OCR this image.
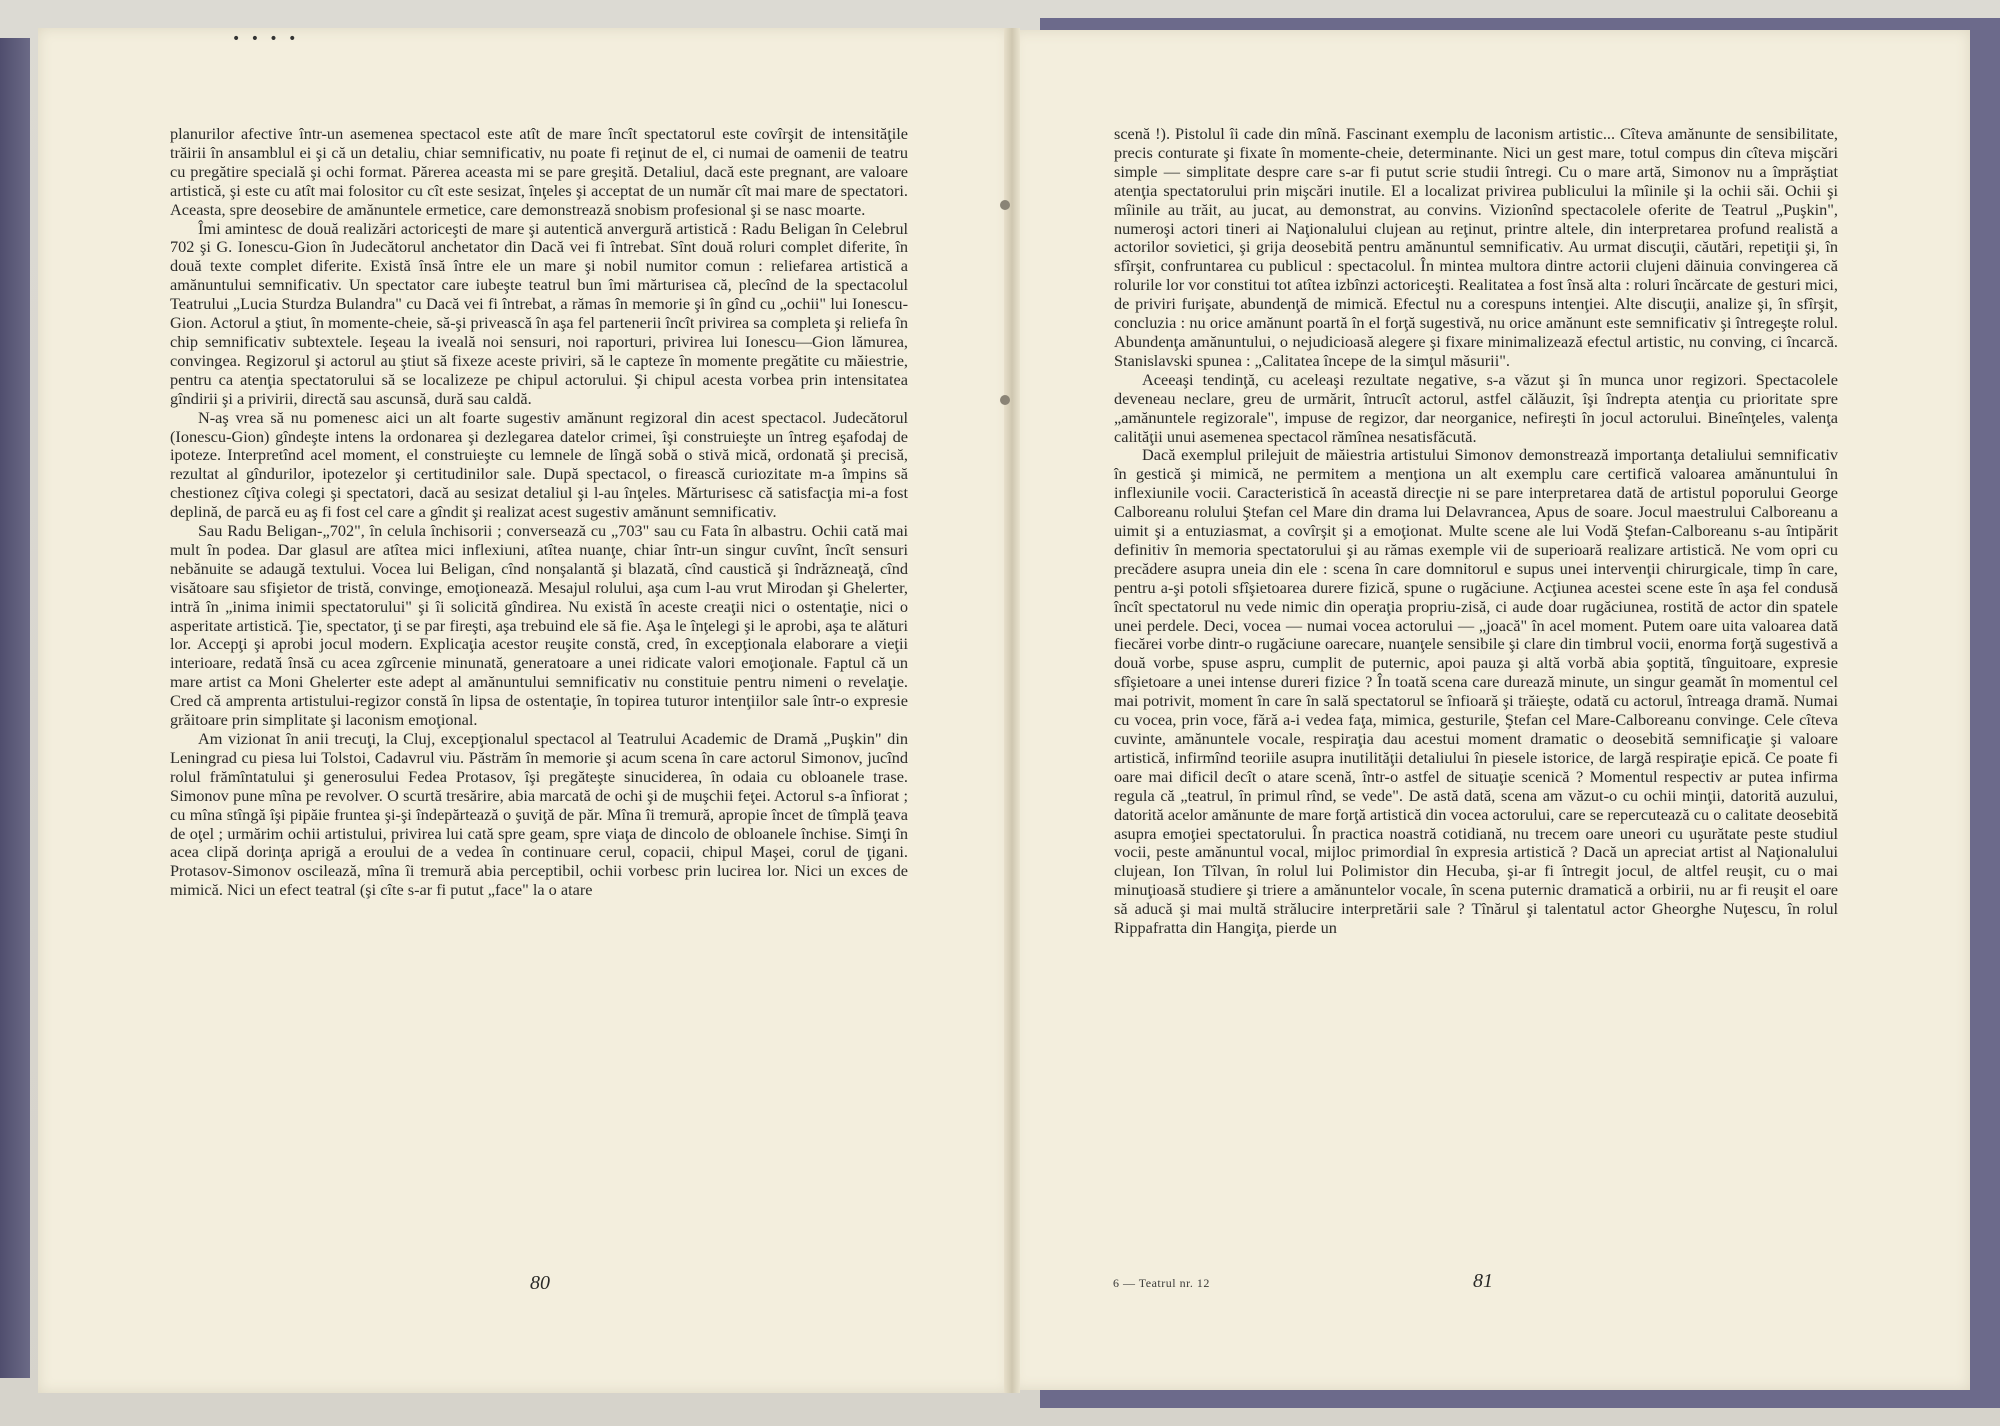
• • • •

planurilor afective într-un asemenea spectacol este atît de mare încît spectatorul este covîrşit de intensităţile trăirii în ansamblul ei şi că un detaliu, chiar semnificativ, nu poate fi reţinut de el, ci numai de oamenii de teatru cu pregătire specială şi ochi format. Părerea aceasta mi se pare greşită. Detaliul, dacă este pregnant, are valoare artistică, şi este cu atît mai folositor cu cît este sesizat, înţeles şi acceptat de un număr cît mai mare de spectatori. Aceasta, spre deosebire de amănuntele ermetice, care demonstrează snobism profesional şi se nasc moarte.

Îmi amintesc de două realizări actoriceşti de mare şi autentică anvergură artistică : Radu Beligan în Celebrul 702 şi G. Ionescu-Gion în Judecătorul anchetator din Dacă vei fi întrebat. Sînt două roluri complet diferite, în două texte complet diferite. Există însă între ele un mare şi nobil numitor comun : reliefarea artistică a amănuntului semnificativ. Un spectator care iubeşte teatrul bun îmi mărturisea că, plecînd de la spectacolul Teatrului „Lucia Sturdza Bulandra" cu Dacă vei fi întrebat, a rămas în memorie şi în gînd cu „ochii" lui Ionescu-Gion. Actorul a ştiut, în momente-cheie, să-şi privească în aşa fel partenerii încît privirea sa completa şi reliefa în chip semnificativ subtextele. Ieşeau la iveală noi sensuri, noi raporturi, privirea lui Ionescu—Gion lămurea, convingea. Regizorul şi actorul au ştiut să fixeze aceste priviri, să le capteze în momente pregătite cu măiestrie, pentru ca atenţia spectatorului să se localizeze pe chipul actorului. Şi chipul acesta vorbea prin intensitatea gîndirii şi a privirii, directă sau ascunsă, dură sau caldă.

N-aş vrea să nu pomenesc aici un alt foarte sugestiv amănunt regizoral din acest spectacol. Judecătorul (Ionescu-Gion) gîndeşte intens la ordonarea şi dezlegarea datelor crimei, îşi construieşte un întreg eşafodaj de ipoteze. Interpretînd acel moment, el construieşte cu lemnele de lîngă sobă o stivă mică, ordonată şi precisă, rezultat al gîndurilor, ipotezelor şi certitudinilor sale. După spectacol, o firească curiozitate m-a împins să chestionez cîţiva colegi şi spectatori, dacă au sesizat detaliul şi l-au înţeles. Mărturisesc că satisfacţia mi-a fost deplină, de parcă eu aş fi fost cel care a gîndit şi realizat acest sugestiv amănunt semnificativ.

Sau Radu Beligan-„702", în celula închisorii ; conversează cu „703" sau cu Fata în albastru. Ochii cată mai mult în podea. Dar glasul are atîtea mici inflexiuni, atîtea nuanţe, chiar într-un singur cuvînt, încît sensuri nebănuite se adaugă textului. Vocea lui Beligan, cînd nonşalantă şi blazată, cînd caustică şi îndrăzneaţă, cînd visătoare sau sfişietor de tristă, convinge, emoţionează. Mesajul rolului, aşa cum l-au vrut Mirodan şi Ghelerter, intră în „inima inimii spectatorului" şi îi solicită gîndirea. Nu există în aceste creaţii nici o ostentaţie, nici o asperitate artistică. Ţie, spectator, ţi se par fireşti, aşa trebuind ele să fie. Aşa le înţelegi şi le aprobi, aşa te alături lor. Accepţi şi aprobi jocul modern. Explicaţia acestor reuşite constă, cred, în excepţionala elaborare a vieţii interioare, redată însă cu acea zgîrcenie minunată, generatoare a unei ridicate valori emoţionale. Faptul că un mare artist ca Moni Ghelerter este adept al amănuntului semnificativ nu constituie pentru nimeni o revelaţie. Cred că amprenta artistului-regizor constă în lipsa de ostentaţie, în topirea tuturor intenţiilor sale într-o expresie grăitoare prin simplitate şi laconism emoţional.

Am vizionat în anii trecuţi, la Cluj, excepţionalul spectacol al Teatrului Academic de Dramă „Puşkin" din Leningrad cu piesa lui Tolstoi, Cadavrul viu. Păstrăm în memorie şi acum scena în care actorul Simonov, jucînd rolul frămîntatului şi generosului Fedea Protasov, îşi pregăteşte sinuciderea, în odaia cu obloanele trase. Simonov pune mîna pe revolver. O scurtă tresărire, abia marcată de ochi şi de muşchii feţei. Actorul s-a înfiorat ; cu mîna stîngă îşi pipăie fruntea şi-şi îndepărtează o şuviţă de păr. Mîna îi tremură, apropie încet de tîmplă ţeava de oţel ; urmărim ochii artistului, privirea lui cată spre geam, spre viaţa de dincolo de obloanele închise. Simţi în acea clipă dorinţa aprigă a eroului de a vedea în continuare cerul, copacii, chipul Maşei, corul de ţigani. Protasov-Simonov oscilează, mîna îi tremură abia perceptibil, ochii vorbesc prin lucirea lor. Nici un exces de mimică. Nici un efect teatral (şi cîte s-ar fi putut „face" la o atare

scenă !). Pistolul îi cade din mînă. Fascinant exemplu de laconism artistic... Cîteva amănunte de sensibilitate, precis conturate şi fixate în momente-cheie, determinante. Nici un gest mare, totul compus din cîteva mişcări simple — simplitate despre care s-ar fi putut scrie studii întregi. Cu o mare artă, Simonov nu a împrăştiat atenţia spectatorului prin mişcări inutile. El a localizat privirea publicului la mîinile şi la ochii săi. Ochii şi mîinile au trăit, au jucat, au demonstrat, au convins. Vizionînd spectacolele oferite de Teatrul „Puşkin", numeroşi actori tineri ai Naţionalului clujean au reţinut, printre altele, din interpretarea profund realistă a actorilor sovietici, şi grija deosebită pentru amănuntul semnificativ. Au urmat discuţii, căutări, repetiţii şi, în sfîrşit, confruntarea cu publicul : spectacolul. În mintea multora dintre actorii clujeni dăinuia convingerea că rolurile lor vor constitui tot atîtea izbînzi actoriceşti. Realitatea a fost însă alta : roluri încărcate de gesturi mici, de priviri furişate, abundenţă de mimică. Efectul nu a corespuns intenţiei. Alte discuţii, analize şi, în sfîrşit, concluzia : nu orice amănunt poartă în el forţă sugestivă, nu orice amănunt este semnificativ şi întregeşte rolul. Abundenţa amănuntului, o nejudicioasă alegere şi fixare minimalizează efectul artistic, nu conving, ci încarcă. Stanislavski spunea : „Calitatea începe de la simţul măsurii".

Aceeaşi tendinţă, cu aceleaşi rezultate negative, s-a văzut şi în munca unor regizori. Spectacolele deveneau neclare, greu de urmărit, întrucît actorul, astfel călăuzit, îşi îndrepta atenţia cu prioritate spre „amănuntele regizorale", impuse de regizor, dar neorganice, nefireşti în jocul actorului. Bineînţeles, valenţa calităţii unui asemenea spectacol rămînea nesatisfăcută.

Dacă exemplul prilejuit de măiestria artistului Simonov demonstrează importanţa detaliului semnificativ în gestică şi mimică, ne permitem a menţiona un alt exemplu care certifică valoarea amănuntului în inflexiunile vocii. Caracteristică în această direcţie ni se pare interpretarea dată de artistul poporului George Calboreanu rolului Ştefan cel Mare din drama lui Delavrancea, Apus de soare. Jocul maestrului Calboreanu a uimit şi a entuziasmat, a covîrşit şi a emoţionat. Multe scene ale lui Vodă Ştefan-Calboreanu s-au întipărit definitiv în memoria spectatorului şi au rămas exemple vii de superioară realizare artistică. Ne vom opri cu precădere asupra uneia din ele : scena în care domnitorul e supus unei intervenţii chirurgicale, timp în care, pentru a-şi potoli sfîşietoarea durere fizică, spune o rugăciune. Acţiunea acestei scene este în aşa fel condusă încît spectatorul nu vede nimic din operaţia propriu-zisă, ci aude doar rugăciunea, rostită de actor din spatele unei perdele. Deci, vocea — numai vocea actorului — „joacă" în acel moment. Putem oare uita valoarea dată fiecărei vorbe dintr-o rugăciune oarecare, nuanţele sensibile şi clare din timbrul vocii, enorma forţă sugestivă a două vorbe, spuse aspru, cumplit de puternic, apoi pauza şi altă vorbă abia şoptită, tînguitoare, expresie sfîşietoare a unei intense dureri fizice ? În toată scena care durează minute, un singur geamăt în momentul cel mai potrivit, moment în care în sală spectatorul se înfioară şi trăieşte, odată cu actorul, întreaga dramă. Numai cu vocea, prin voce, fără a-i vedea faţa, mimica, gesturile, Ştefan cel Mare-Calboreanu convinge. Cele cîteva cuvinte, amănuntele vocale, respiraţia dau acestui moment dramatic o deosebită semnificaţie şi valoare artistică, infirmînd teoriile asupra inutilităţii detaliului în piesele istorice, de largă respiraţie epică. Ce poate fi oare mai dificil decît o atare scenă, într-o astfel de situaţie scenică ? Momentul respectiv ar putea infirma regula că „teatrul, în primul rînd, se vede". De astă dată, scena am văzut-o cu ochii minţii, datorită auzului, datorită acelor amănunte de mare forţă artistică din vocea actorului, care se repercutează cu o calitate deosebită asupra emoţiei spectatorului. În practica noastră cotidiană, nu trecem oare uneori cu uşurătate peste studiul vocii, peste amănuntul vocal, mijloc primordial în expresia artistică ? Dacă un apreciat artist al Naţionalului clujean, Ion Tîlvan, în rolul lui Polimistor din Hecuba, şi-ar fi întregit jocul, de altfel reuşit, cu o mai minuţioasă studiere şi triere a amănuntelor vocale, în scena puternic dramatică a orbirii, nu ar fi reuşit el oare să aducă şi mai multă strălucire interpretării sale ? Tînărul şi talentatul actor Gheorghe Nuţescu, în rolul Rippafratta din Hangiţa, pierde un

80	6 — Teatrul nr. 12	81
